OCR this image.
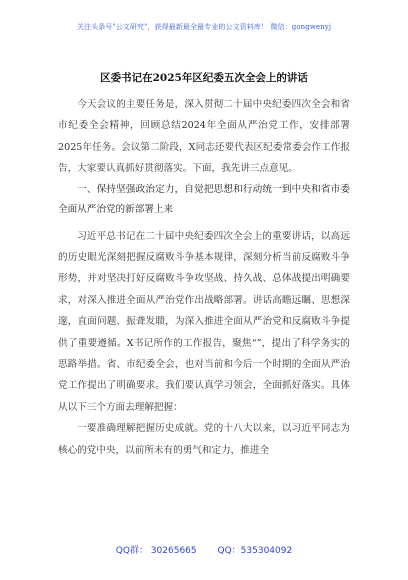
关注头条号"公文研究"，获得最新最全最专业的公文资料库！ 微信：gongwenyj
区委书记在2025年区纪委五次全会上的讲话

今天会议的主要任务是，深入贯彻二十届中央纪委四次全会和省市纪委全会精神，回顾总结2024年全面从严治党工作，安排部署2025年任务。会议第二阶段，X同志还要代表区纪委常委会作工作报告，大家要认真抓好贯彻落实。下面，我先讲三点意见。

一、保持坚强政治定力，自觉把思想和行动统一到中央和省市委全面从严治党的新部署上来

习近平总书记在二十届中央纪委四次全会上的重要讲话，以高远的历史眼光深刻把握反腐败斗争基本规律，深刻分析当前反腐败斗争形势，并对坚决打好反腐败斗争攻坚战、持久战、总体战提出明确要求，对深入推进全面从严治党作出战略部署。讲话高瞻远瞩、思想深邃，直面问题、振聋发聩，为深入推进全面从严治党和反腐败斗争提供了重要遵循。X书记所作的工作报告，聚焦“”，提出了科学务实的思路举措。省、市纪委全会，也对当前和今后一个时期的全面从严治党工作提出了明确要求。我们要认真学习领会，全面抓好落实。具体从以下三个方面去理解把握：

一要准确理解把握历史成就。党的十八大以来，以习近平同志为核心的党中央，以前所未有的勇气和定力，推进全

QQ群： 30265665 QQ：535304092
